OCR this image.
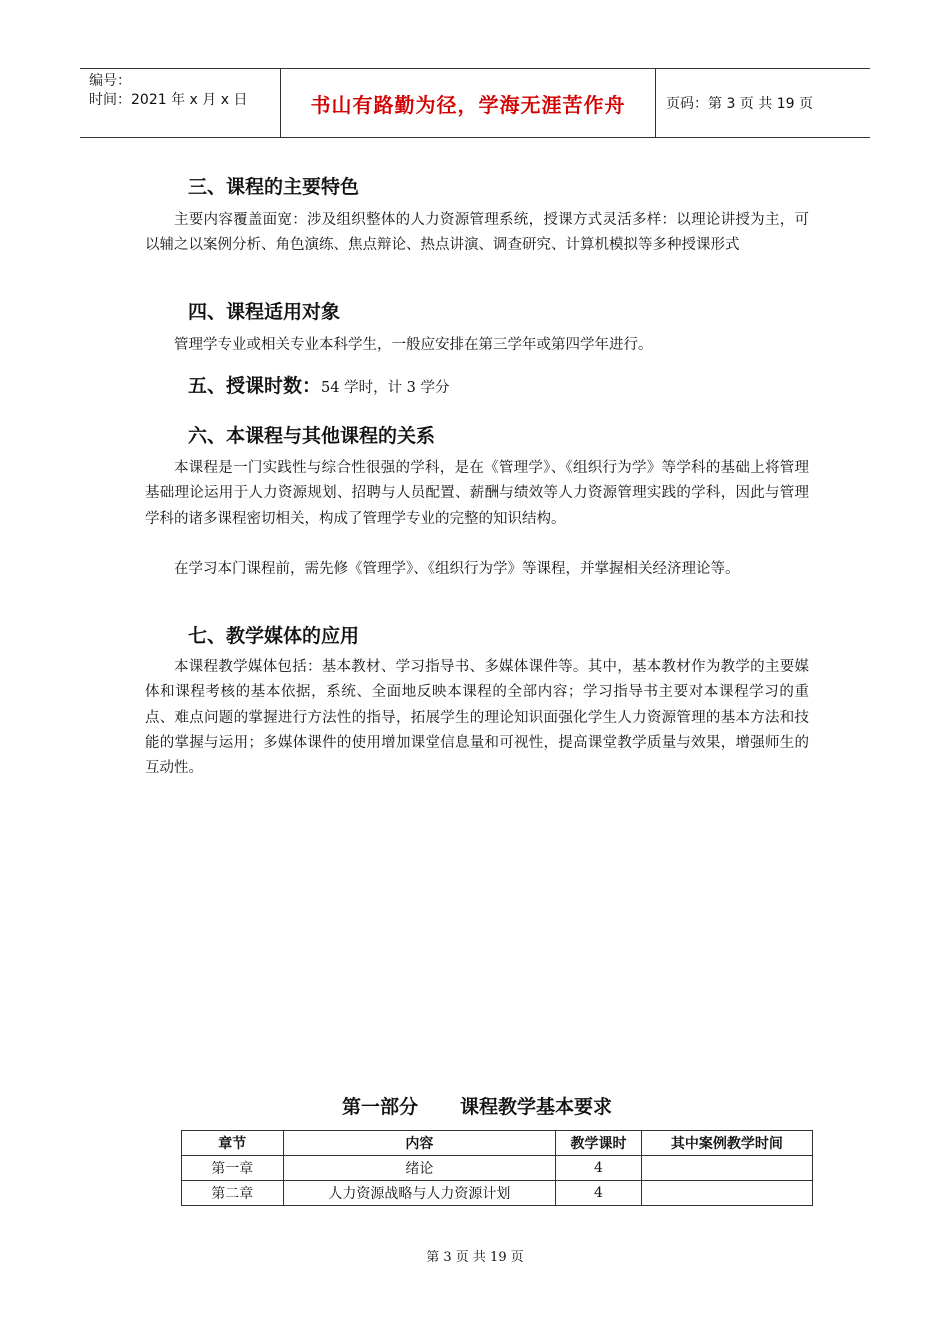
编号：
时间：2021 年 x 月 x 日	书山有路勤为径，学海无涯苦作舟	页码：第 3 页 共 19 页
三、课程的主要特色
主要内容覆盖面宽：涉及组织整体的人力资源管理系统，授课方式灵活多样：以理论讲授为主，可以辅之以案例分析、角色演练、焦点辩论、热点讲演、调查研究、计算机模拟等多种授课形式
四、课程适用对象
管理学专业或相关专业本科学生，一般应安排在第三学年或第四学年进行。
五、授课时数：54 学时，计 3 学分
六、本课程与其他课程的关系
本课程是一门实践性与综合性很强的学科，是在《管理学》、《组织行为学》等学科的基础上将管理基础理论运用于人力资源规划、招聘与人员配置、薪酬与绩效等人力资源管理实践的学科，因此与管理学科的诸多课程密切相关，构成了管理学专业的完整的知识结构。
在学习本门课程前，需先修《管理学》、《组织行为学》等课程，并掌握相关经济理论等。
七、教学媒体的应用
本课程教学媒体包括：基本教材、学习指导书、多媒体课件等。其中，基本教材作为教学的主要媒体和课程考核的基本依据，系统、全面地反映本课程的全部内容；学习指导书主要对本课程学习的重点、难点问题的掌握进行方法性的指导，拓展学生的理论知识面强化学生人力资源管理的基本方法和技能的掌握与运用；多媒体课件的使用增加课堂信息量和可视性，提高课堂教学质量与效果，增强师生的互动性。
第一部分 课程教学基本要求
章节	内容	教学课时	其中案例教学时间
第一章	绪论	4	
第二章	人力资源战略与人力资源计划	4	
第 3 页 共 19 页
